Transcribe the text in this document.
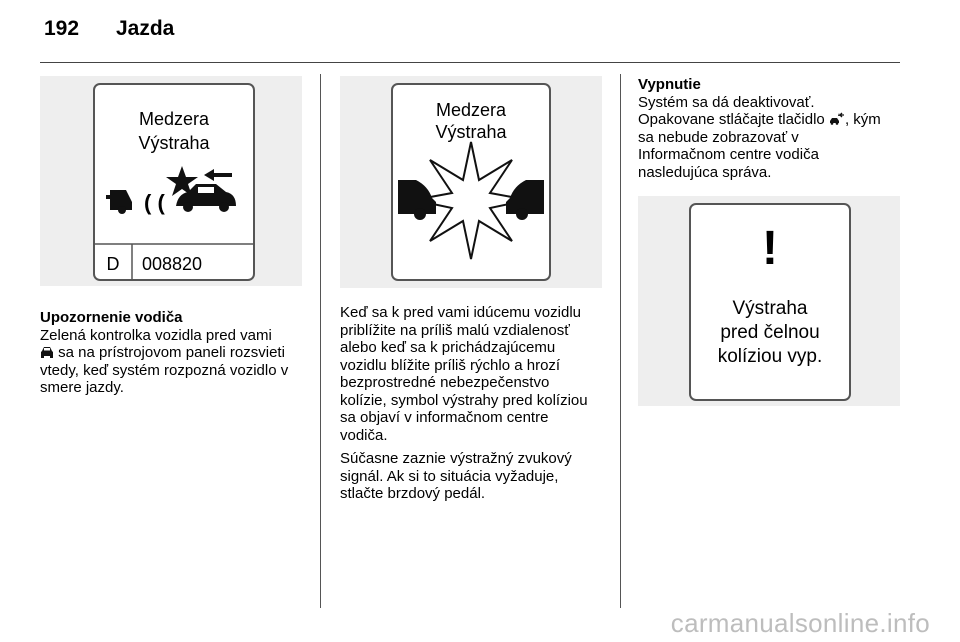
192 Jazda
Medzera
Výstraha
( (
D 008820
Medzera
Výstraha
!
Výstraha
pred čelnou
kolíziou vyp.
Upozornenie vodiča
Zelená kontrolka vozidla pred vami
sa na prístrojovom paneli rozsvieti
vtedy, keď systém rozpozná vozidlo v
smere jazdy.

Keď sa k pred vami idúcemu vozidlu
priblížite na príliš malú vzdialenosť
alebo keď sa k prichádzajúcemu
vozidlu blížite príliš rýchlo a hrozí
bezprostredné nebezpečenstvo
kolízie, symbol výstrahy pred kolíziou
sa objaví v informačnom centre
vodiča.

Súčasne zaznie výstražný zvukový
signál. Ak si to situácia vyžaduje,
stlačte brzdový pedál.

Vypnutie
Systém sa dá deaktivovať.
Opakovane stláčajte tlačidlo , kým
sa nebude zobrazovať v
Informačnom centre vodiča
nasledujúca správa.
carmanualsonline.info
